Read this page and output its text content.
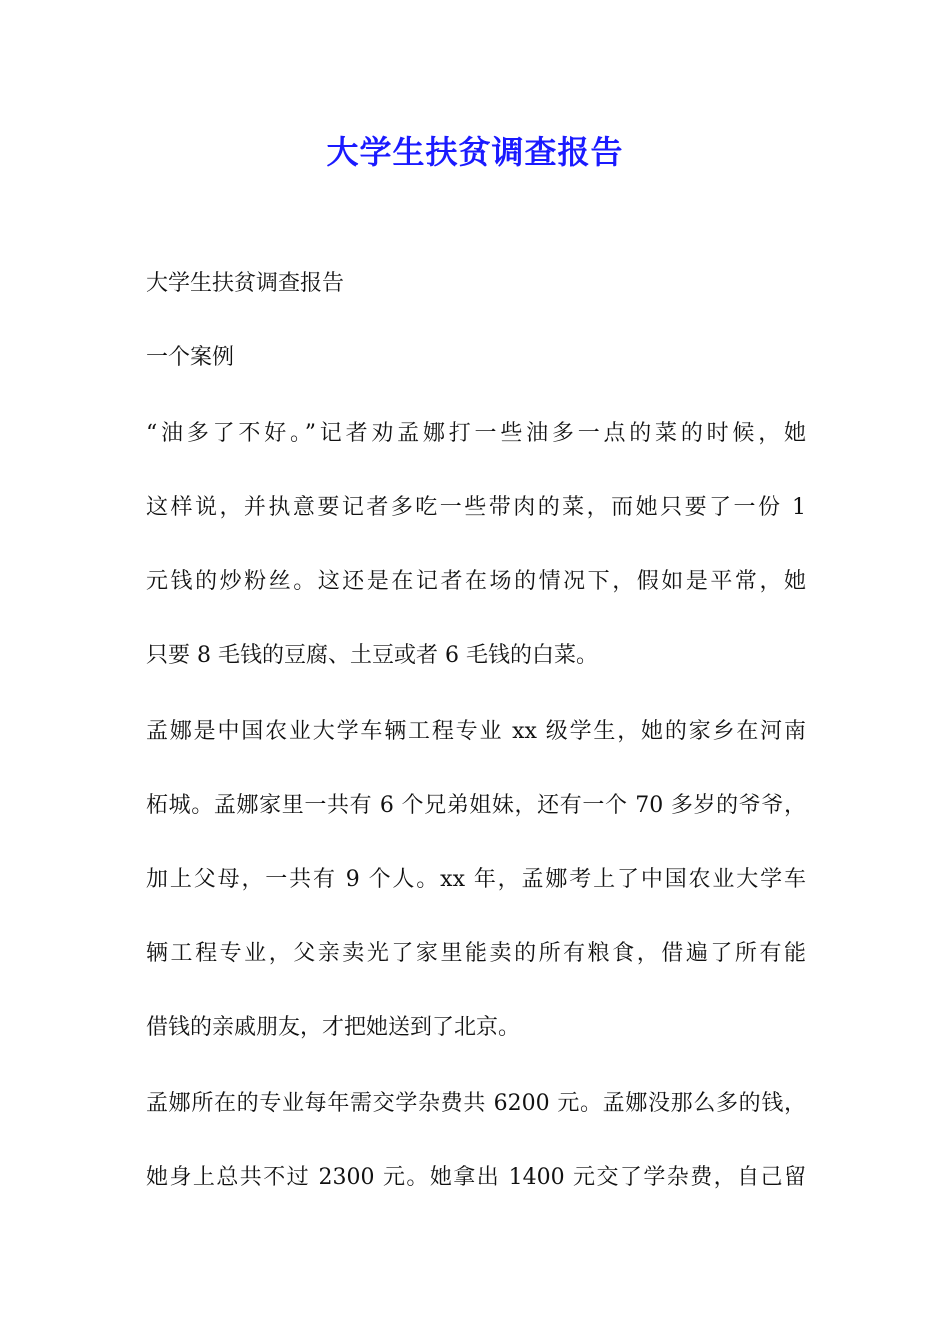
大学生扶贫调查报告
大学生扶贫调查报告
一个案例
“油多了不好。”记者劝孟娜打一些油多一点的菜的时候，她
这样说，并执意要记者多吃一些带肉的菜，而她只要了一份 1
元钱的炒粉丝。这还是在记者在场的情况下，假如是平常，她
只要 8 毛钱的豆腐、土豆或者 6 毛钱的白菜。
孟娜是中国农业大学车辆工程专业 xx 级学生，她的家乡在河南
柘城。孟娜家里一共有 6 个兄弟姐妹，还有一个 70 多岁的爷爷，
加上父母，一共有 9 个人。xx 年，孟娜考上了中国农业大学车
辆工程专业，父亲卖光了家里能卖的所有粮食，借遍了所有能
借钱的亲戚朋友，才把她送到了北京。
孟娜所在的专业每年需交学杂费共 6200 元。孟娜没那么多的钱，
她身上总共不过 2300 元。她拿出 1400 元交了学杂费，自己留
